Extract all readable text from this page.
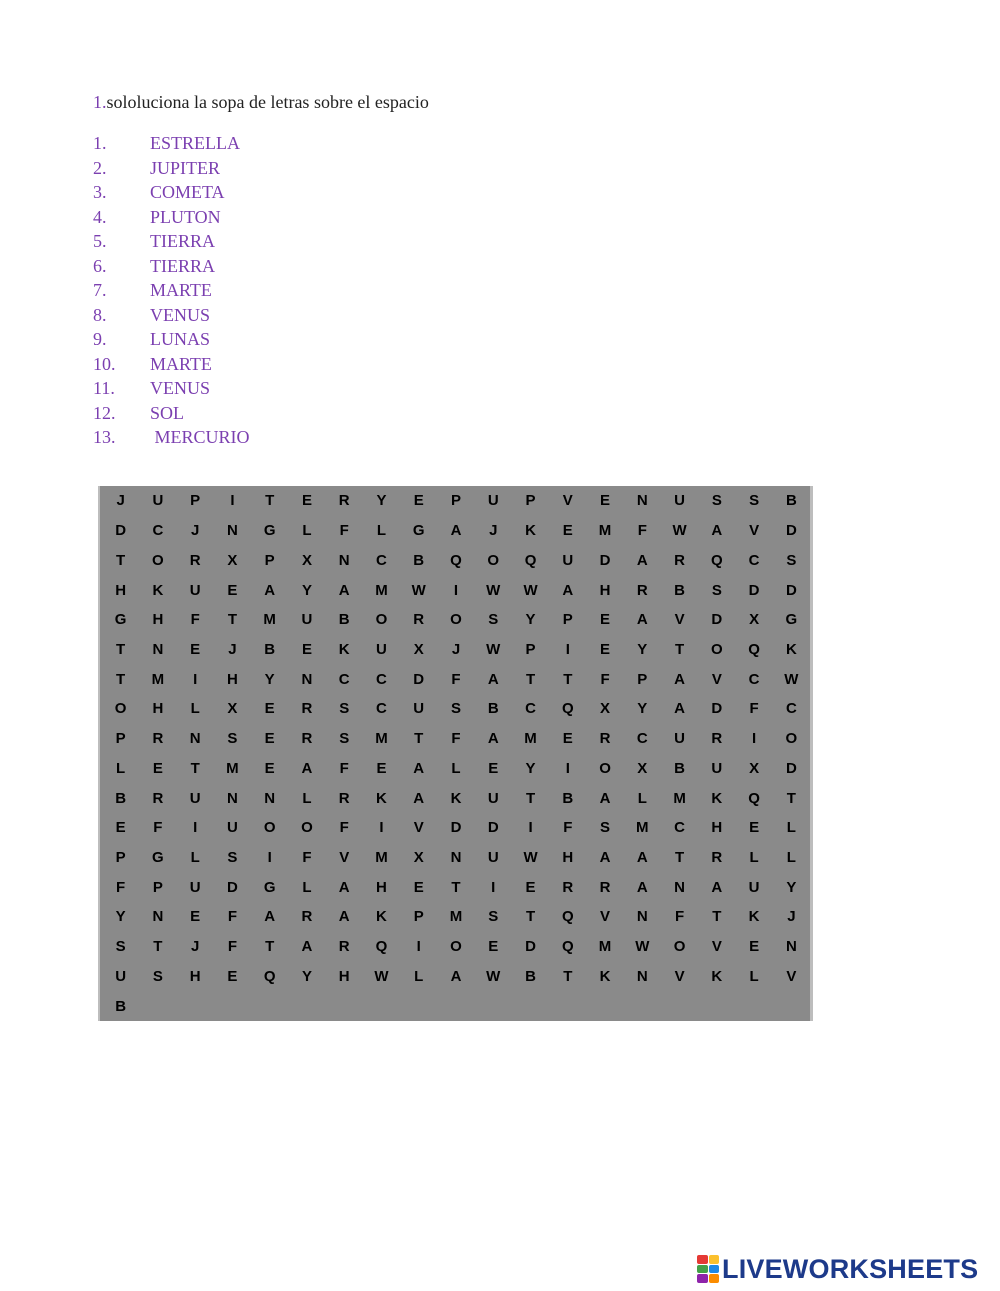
1.sololuciona la sopa de letras sobre el espacio
1. ESTRELLA
2. JUPITER
3. COMETA
4. PLUTON
5. TIERRA
6. TIERRA
7. MARTE
8. VENUS
9. LUNAS
10. MARTE
11. VENUS
12. SOL
13. MERCURIO
J	U	P	I	T	E	R	Y	E	P	U	P	V	E	N	U	S	S	B
D	C	J	N	G	L	F	L	G	A	J	K	E	M	F	W	A	V	D
T	O	R	X	P	X	N	C	B	Q	O	Q	U	D	A	R	Q	C	S
H	K	U	E	A	Y	A	M	W	I	W	W	A	H	R	B	S	D	D
G	H	F	T	M	U	B	O	R	O	S	Y	P	E	A	V	D	X	G
T	N	E	J	B	E	K	U	X	J	W	P	I	E	Y	T	O	Q	K
T	M	I	H	Y	N	C	C	D	F	A	T	T	F	P	A	V	C	W
O	H	L	X	E	R	S	C	U	S	B	C	Q	X	Y	A	D	F	C
P	R	N	S	E	R	S	M	T	F	A	M	E	R	C	U	R	I	O
L	E	T	M	E	A	F	E	A	L	E	Y	I	O	X	B	U	X	D
B	R	U	N	N	L	R	K	A	K	U	T	B	A	L	M	K	Q	T
E	F	I	U	O	O	F	I	V	D	D	I	F	S	M	C	H	E	L
P	G	L	S	I	F	V	M	X	N	U	W	H	A	A	T	R	L	L
F	P	U	D	G	L	A	H	E	T	I	E	R	R	A	N	A	U	Y
Y	N	E	F	A	R	A	K	P	M	S	T	Q	V	N	F	T	K	J
S	T	J	F	T	A	R	Q	I	O	E	D	Q	M	W	O	V	E	N
U	S	H	E	Q	Y	H	W	L	A	W	B	T	K	N	V	K	L	V
B
LIVEWORKSHEETS
